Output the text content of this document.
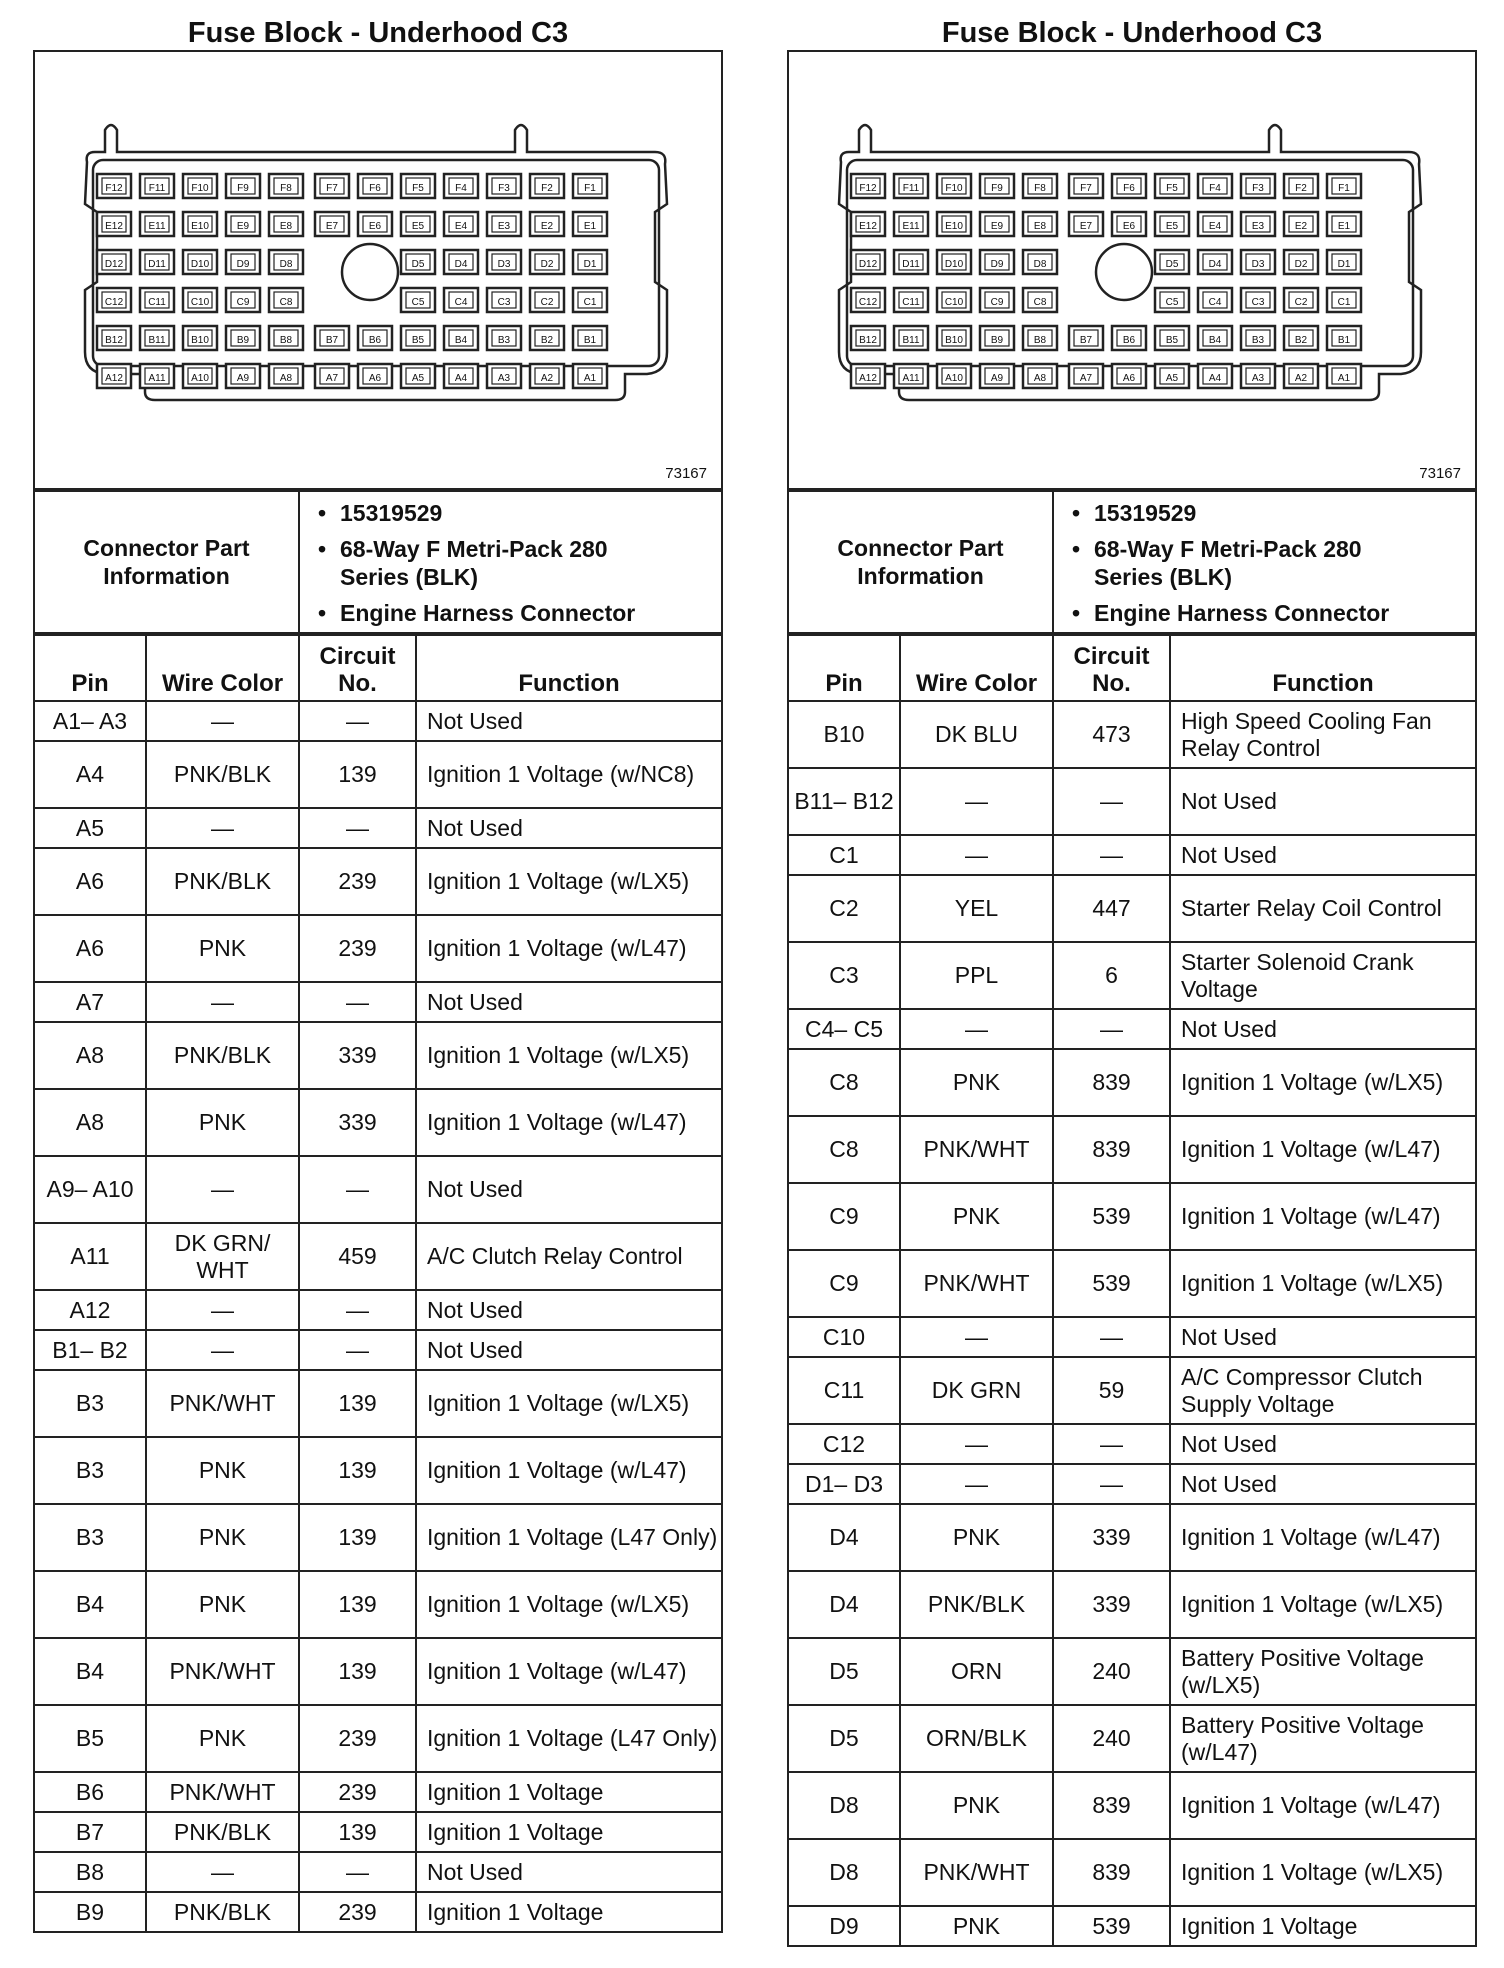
Fuse Block - Underhood C3
F12	F11	F10	F9	F8	F7	F6	F5	F4	F3	F2	F1
E12	E11	E10	E9	E8	E7	E6	E5	E4	E3	E2	E1
D12	D11	D10	D9	D8	D5	D4	D3	D2	D1
C12	C11	C10	C9	C8	C5	C4	C3	C2	C1
B12	B11	B10	B9	B8	B7	B6	B5	B4	B3	B2	B1
A12	A11	A10	A9	A8	A7	A6	A5	A4	A3	A2	A1
73167
Connector Part Information	
• 15319529
• 68-Way F Metri-Pack 280 Series (BLK)
• Engine Harness Connector
Pin	Wire Color	Circuit No.	Function
A1– A3	—	—	Not Used
A4	PNK/BLK	139	Ignition 1 Voltage (w/NC8)
A5	—	—	Not Used
A6	PNK/BLK	239	Ignition 1 Voltage (w/LX5)
A6	PNK	239	Ignition 1 Voltage (w/L47)
A7	—	—	Not Used
A8	PNK/BLK	339	Ignition 1 Voltage (w/LX5)
A8	PNK	339	Ignition 1 Voltage (w/L47)
A9– A10	—	—	Not Used
A11	DK GRN/ WHT	459	A/C Clutch Relay Control
A12	—	—	Not Used
B1– B2	—	—	Not Used
B3	PNK/WHT	139	Ignition 1 Voltage (w/LX5)
B3	PNK	139	Ignition 1 Voltage (w/L47)
B3	PNK	139	Ignition 1 Voltage (L47 Only)
B4	PNK	139	Ignition 1 Voltage (w/LX5)
B4	PNK/WHT	139	Ignition 1 Voltage (w/L47)
B5	PNK	239	Ignition 1 Voltage (L47 Only)
B6	PNK/WHT	239	Ignition 1 Voltage
B7	PNK/BLK	139	Ignition 1 Voltage
B8	—	—	Not Used
B9	PNK/BLK	239	Ignition 1 Voltage
Fuse Block - Underhood C3
F12	F11	F10	F9	F8	F7	F6	F5	F4	F3	F2	F1
E12	E11	E10	E9	E8	E7	E6	E5	E4	E3	E2	E1
D12	D11	D10	D9	D8	D5	D4	D3	D2	D1
C12	C11	C10	C9	C8	C5	C4	C3	C2	C1
B12	B11	B10	B9	B8	B7	B6	B5	B4	B3	B2	B1
A12	A11	A10	A9	A8	A7	A6	A5	A4	A3	A2	A1
73167
Connector Part Information	
• 15319529
• 68-Way F Metri-Pack 280 Series (BLK)
• Engine Harness Connector
Pin	Wire Color	Circuit No.	Function
B10	DK BLU	473	High Speed Cooling Fan Relay Control
B11– B12	—	—	Not Used
C1	—	—	Not Used
C2	YEL	447	Starter Relay Coil Control
C3	PPL	6	Starter Solenoid Crank Voltage
C4– C5	—	—	Not Used
C8	PNK	839	Ignition 1 Voltage (w/LX5)
C8	PNK/WHT	839	Ignition 1 Voltage (w/L47)
C9	PNK	539	Ignition 1 Voltage (w/L47)
C9	PNK/WHT	539	Ignition 1 Voltage (w/LX5)
C10	—	—	Not Used
C11	DK GRN	59	A/C Compressor Clutch Supply Voltage
C12	—	—	Not Used
D1– D3	—	—	Not Used
D4	PNK	339	Ignition 1 Voltage (w/L47)
D4	PNK/BLK	339	Ignition 1 Voltage (w/LX5)
D5	ORN	240	Battery Positive Voltage (w/LX5)
D5	ORN/BLK	240	Battery Positive Voltage (w/L47)
D8	PNK	839	Ignition 1 Voltage (w/L47)
D8	PNK/WHT	839	Ignition 1 Voltage (w/LX5)
D9	PNK	539	Ignition 1 Voltage
